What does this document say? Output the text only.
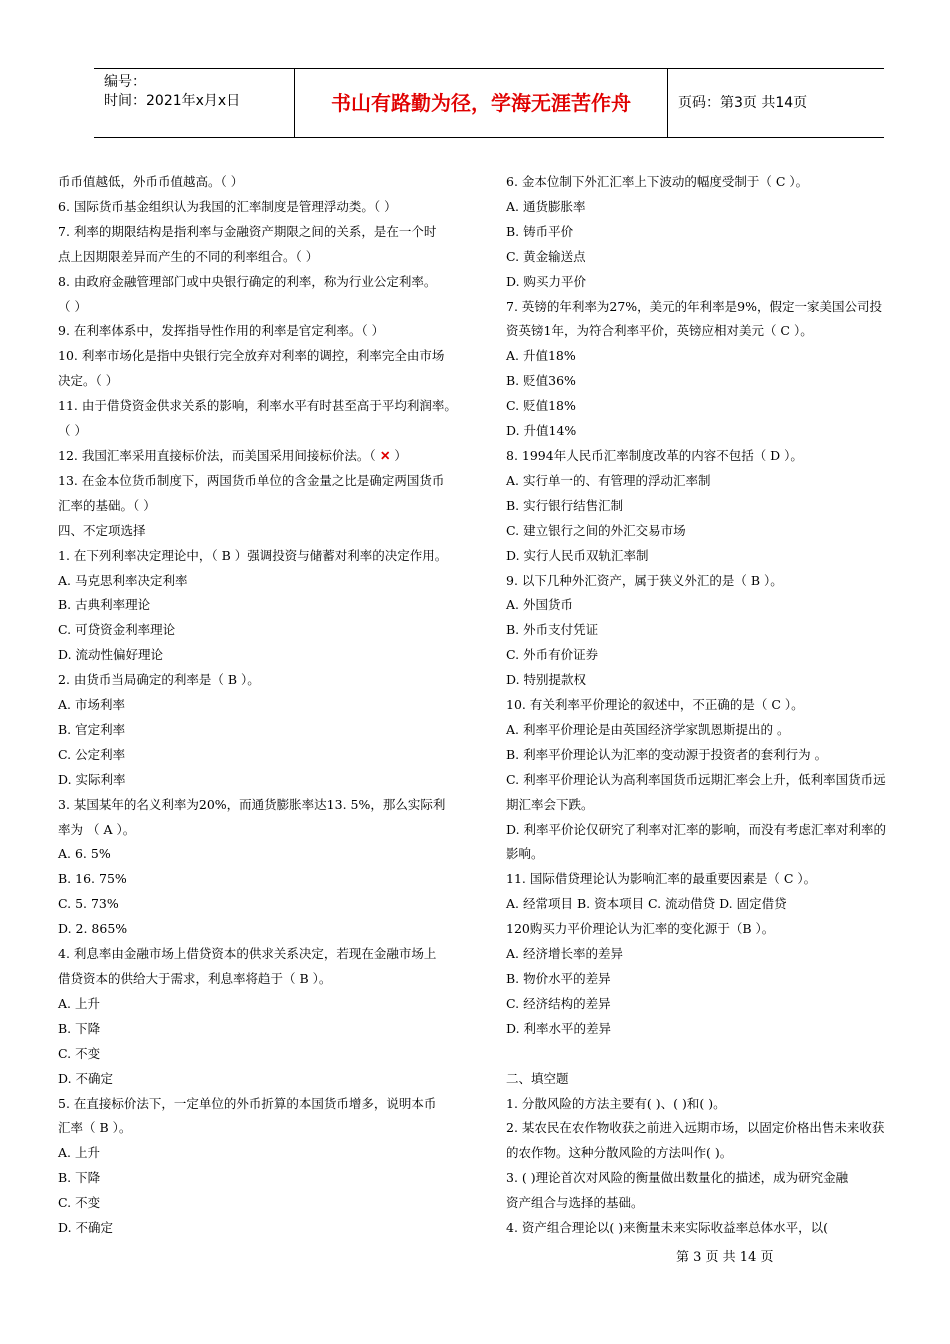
编号：
时间：2021年x月x日	书山有路勤为径，学海无涯苦作舟	页码：第3页 共14页
币币值越低，外币币值越高。（ ）
6. 国际货币基金组织认为我国的汇率制度是管理浮动类。（ ）
7. 利率的期限结构是指利率与金融资产期限之间的关系，是在一个时
点上因期限差异而产生的不同的利率组合。（ ）
8. 由政府金融管理部门或中央银行确定的利率，称为行业公定利率。
（ ）
9. 在利率体系中，发挥指导性作用的利率是官定利率。（ ）
10. 利率市场化是指中央银行完全放弃对利率的调控，利率完全由市场
决定。（ ）
11. 由于借贷资金供求关系的影响，利率水平有时甚至高于平均利润率。
（ ）
12. 我国汇率采用直接标价法，而美国采用间接标价法。（ ✕ ）
13. 在金本位货币制度下，两国货币单位的含金量之比是确定两国货币
汇率的基础。（ ）
四、不定项选择
1. 在下列利率决定理论中，（ B ）强调投资与储蓄对利率的决定作用。
A. 马克思利率决定利率
B. 古典利率理论
C. 可贷资金利率理论
D. 流动性偏好理论
2. 由货币当局确定的利率是（ B ）。
A. 市场利率
B. 官定利率
C. 公定利率
D. 实际利率
3. 某国某年的名义利率为20%，而通货膨胀率达13. 5%，那么实际利
率为 （ A ）。
A. 6. 5%
B. 16. 75%
C. 5. 73%
D. 2. 865%
4. 利息率由金融市场上借贷资本的供求关系决定，若现在金融市场上
借贷资本的供给大于需求，利息率将趋于（ B ）。
A. 上升
B. 下降
C. 不变
D. 不确定
5. 在直接标价法下，一定单位的外币折算的本国货币增多，说明本币
汇率（ B ）。
A. 上升
B. 下降
C. 不变
D. 不确定
6. 金本位制下外汇汇率上下波动的幅度受制于（ C ）。
A. 通货膨胀率
B. 铸币平价
C. 黄金输送点
D. 购买力平价
7. 英镑的年利率为27%，美元的年利率是9%，假定一家美国公司投
资英镑1年，为符合利率平价，英镑应相对美元（ C ）。
A. 升值18%
B. 贬值36%
C. 贬值18%
D. 升值14%
8. 1994年人民币汇率制度改革的内容不包括（ D ）。
A. 实行单一的、有管理的浮动汇率制
B. 实行银行结售汇制
C. 建立银行之间的外汇交易市场
D. 实行人民币双轨汇率制
9. 以下几种外汇资产，属于狭义外汇的是（ B ）。
A. 外国货币
B. 外币支付凭证
C. 外币有价证券
D. 特别提款权
10. 有关利率平价理论的叙述中，不正确的是（ C ）。
A. 利率平价理论是由英国经济学家凯恩斯提出的 。
B. 利率平价理论认为汇率的变动源于投资者的套利行为 。
C. 利率平价理论认为高利率国货币远期汇率会上升，低利率国货币远
期汇率会下跌。
D. 利率平价论仅研究了利率对汇率的影响，而没有考虑汇率对利率的
影响。
11. 国际借贷理论认为影响汇率的最重要因素是（ C ）。
A. 经常项目 B. 资本项目 C. 流动借贷 D. 固定借贷
120购买力平价理论认为汇率的变化源于（B ）。
A. 经济增长率的差异
B. 物价水平的差异
C. 经济结构的差异
D. 利率水平的差异
二、填空题
1. 分散风险的方法主要有( )、( )和( )。
2. 某农民在农作物收获之前进入远期市场，以固定价格出售未来收获
的农作物。这种分散风险的方法叫作( )。
3. ( )理论首次对风险的衡量做出数量化的描述，成为研究金融
资产组合与选择的基础。
4. 资产组合理论以( )来衡量未来实际收益率总体水平，以(
第 3 页 共 14 页
